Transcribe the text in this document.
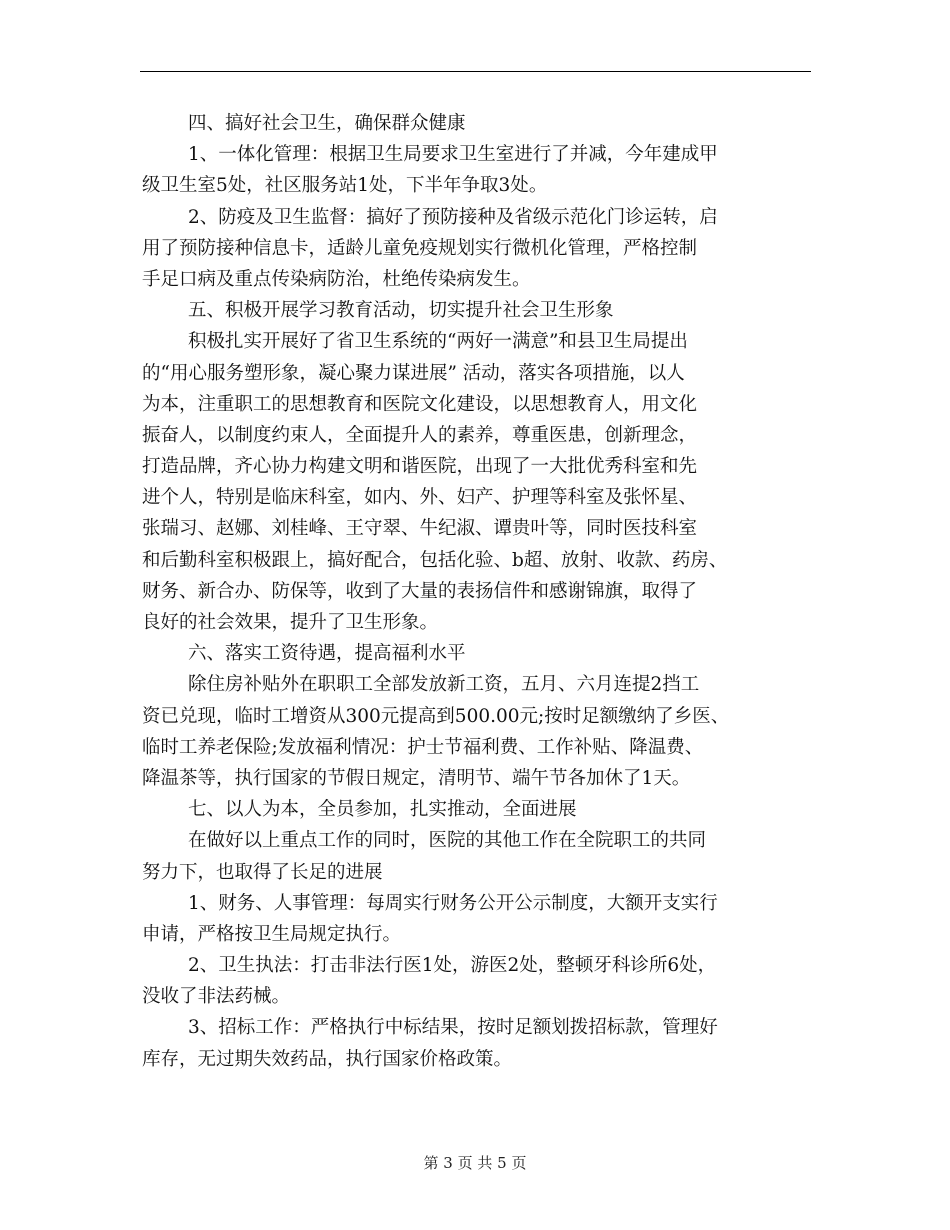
四、搞好社会卫生，确保群众健康
1、一体化管理：根据卫生局要求卫生室进行了并减，今年建成甲
级卫生室5处，社区服务站1处，下半年争取3处。
2、防疫及卫生监督：搞好了预防接种及省级示范化门诊运转，启
用了预防接种信息卡，适龄儿童免疫规划实行微机化管理，严格控制
手足口病及重点传染病防治，杜绝传染病发生。
五、积极开展学习教育活动，切实提升社会卫生形象
积极扎实开展好了省卫生系统的“两好一满意”和县卫生局提出
的“用心服务塑形象，凝心聚力谋进展” 活动，落实各项措施，以人
为本，注重职工的思想教育和医院文化建设，以思想教育人，用文化
振奋人，以制度约束人，全面提升人的素养，尊重医患，创新理念，
打造品牌，齐心协力构建文明和谐医院，出现了一大批优秀科室和先
进个人，特别是临床科室，如内、外、妇产、护理等科室及张怀星、
张瑞习、赵娜、刘桂峰、王守翠、牛纪淑、谭贵叶等，同时医技科室
和后勤科室积极跟上，搞好配合，包括化验、b超、放射、收款、药房、
财务、新合办、防保等，收到了大量的表扬信件和感谢锦旗，取得了
良好的社会效果，提升了卫生形象。
六、落实工资待遇，提高福利水平
除住房补贴外在职职工全部发放新工资，五月、六月连提2挡工
资已兑现，临时工增资从300元提高到500.00元;按时足额缴纳了乡医、
临时工养老保险;发放福利情况：护士节福利费、工作补贴、降温费、
降温茶等，执行国家的节假日规定，清明节、端午节各加休了1天。
七、以人为本，全员参加，扎实推动，全面进展
在做好以上重点工作的同时，医院的其他工作在全院职工的共同
努力下，也取得了长足的进展
1、财务、人事管理：每周实行财务公开公示制度，大额开支实行
申请，严格按卫生局规定执行。
2、卫生执法：打击非法行医1处，游医2处，整顿牙科诊所6处，
没收了非法药械。
3、招标工作：严格执行中标结果，按时足额划拨招标款，管理好
库存，无过期失效药品，执行国家价格政策。
第 3 页 共 5 页
